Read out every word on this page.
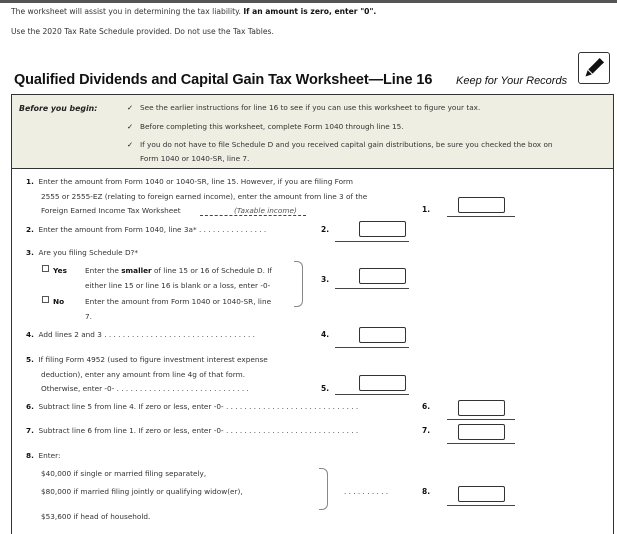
The worksheet will assist you in determining the tax liability. If an amount is zero, enter "0".
Use the 2020 Tax Rate Schedule provided. Do not use the Tax Tables.
Qualified Dividends and Capital Gain Tax Worksheet—Line 16 Keep for Your Records
Before you begin:	✓ See the earlier instructions for line 16 to see if you can use this worksheet to figure your tax.
✓ Before completing this worksheet, complete Form 1040 through line 15.
✓ If you do not have to file Schedule D and you received capital gain distributions, be sure you checked the box on
Form 1040 or 1040-SR, line 7.
1. Enter the amount from Form 1040 or 1040-SR, line 15. However, if you are filing Form
2555 or 2555-EZ (relating to foreign earned income), enter the amount from line 3 of the
Foreign Earned Income Tax Worksheet	(Taxable income)	1.
2. Enter the amount from Form 1040, line 3a* . . . . . . . . . . . . . . .	2.
3. Are you filing Schedule D?*
Yes Enter the smaller of line 15 or 16 of Schedule D. If
either line 15 or line 16 is blank or a loss, enter -0-
No	Enter the amount from Form 1040 or 1040-SR, line
7.
3.
4. Add lines 2 and 3 . . . . . . . . . . . . . . . . . . . . . . . . . . . . . . . . .	4.
5. If filing Form 4952 (used to figure investment interest expense
deduction), enter any amount from line 4g of that form.
Otherwise, enter -0- . . . . . . . . . . . . . . . . . . . . . . . . . . . . .	5.
6. Subtract line 5 from line 4. If zero or less, enter -0- . . . . . . . . . . . . . . . . . . . . . . . . . . . . .	6.
7. Subtract line 6 from line 1. If zero or less, enter -0- . . . . . . . . . . . . . . . . . . . . . . . . . . . . .	7.
8. Enter:
$40,000 if single or married filing separately,
$80,000 if married filing jointly or qualifying widow(er),
$53,600 if head of household.
. . . . . . . . . .	8.
